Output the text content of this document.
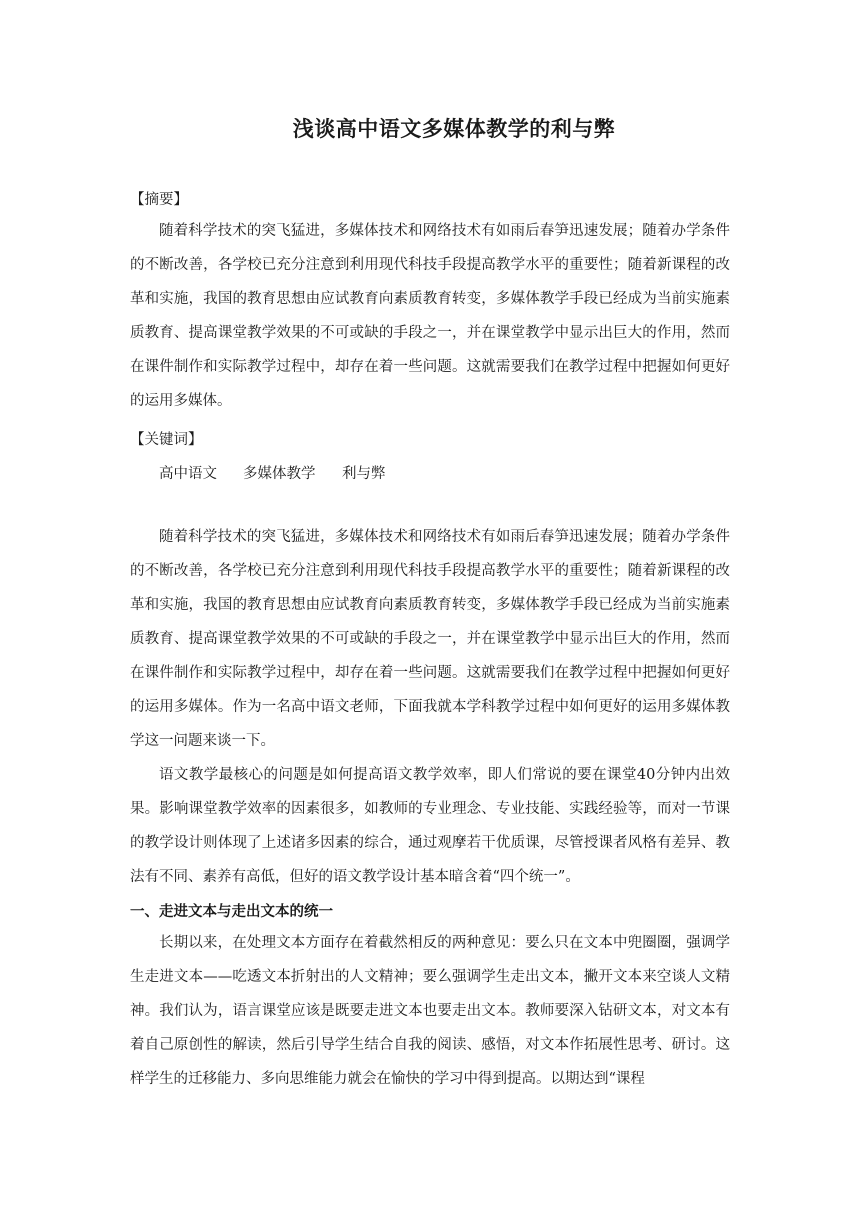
浅谈高中语文多媒体教学的利与弊
【摘要】

随着科学技术的突飞猛进，多媒体技术和网络技术有如雨后春笋迅速发展；随着办学条件的不断改善，各学校已充分注意到利用现代科技手段提高教学水平的重要性；随着新课程的改革和实施，我国的教育思想由应试教育向素质教育转变，多媒体教学手段已经成为当前实施素质教育、提高课堂教学效果的不可或缺的手段之一，并在课堂教学中显示出巨大的作用，然而在课件制作和实际教学过程中，却存在着一些问题。这就需要我们在教学过程中把握如何更好的运用多媒体。

【关键词】
高中语文	多媒体教学	利与弊

随着科学技术的突飞猛进，多媒体技术和网络技术有如雨后春笋迅速发展；随着办学条件的不断改善，各学校已充分注意到利用现代科技手段提高教学水平的重要性；随着新课程的改革和实施，我国的教育思想由应试教育向素质教育转变，多媒体教学手段已经成为当前实施素质教育、提高课堂教学效果的不可或缺的手段之一，并在课堂教学中显示出巨大的作用，然而在课件制作和实际教学过程中，却存在着一些问题。这就需要我们在教学过程中把握如何更好的运用多媒体。作为一名高中语文老师，下面我就本学科教学过程中如何更好的运用多媒体教学这一问题来谈一下。

语文教学最核心的问题是如何提高语文教学效率，即人们常说的要在课堂40分钟内出效果。影响课堂教学效率的因素很多，如教师的专业理念、专业技能、实践经验等，而对一节课的教学设计则体现了上述诸多因素的综合，通过观摩若干优质课，尽管授课者风格有差异、教法有不同、素养有高低，但好的语文教学设计基本暗含着“四个统一”。

一、走进文本与走出文本的统一

长期以来，在处理文本方面存在着截然相反的两种意见：要么只在文本中兜圈圈，强调学生走进文本——吃透文本折射出的人文精神；要么强调学生走出文本，撇开文本来空谈人文精神。我们认为，语言课堂应该是既要走进文本也要走出文本。教师要深入钻研文本，对文本有着自己原创性的解读，然后引导学生结合自我的阅读、感悟，对文本作拓展性思考、研讨。这样学生的迁移能力、多向思维能力就会在愉快的学习中得到提高。以期达到“课程
